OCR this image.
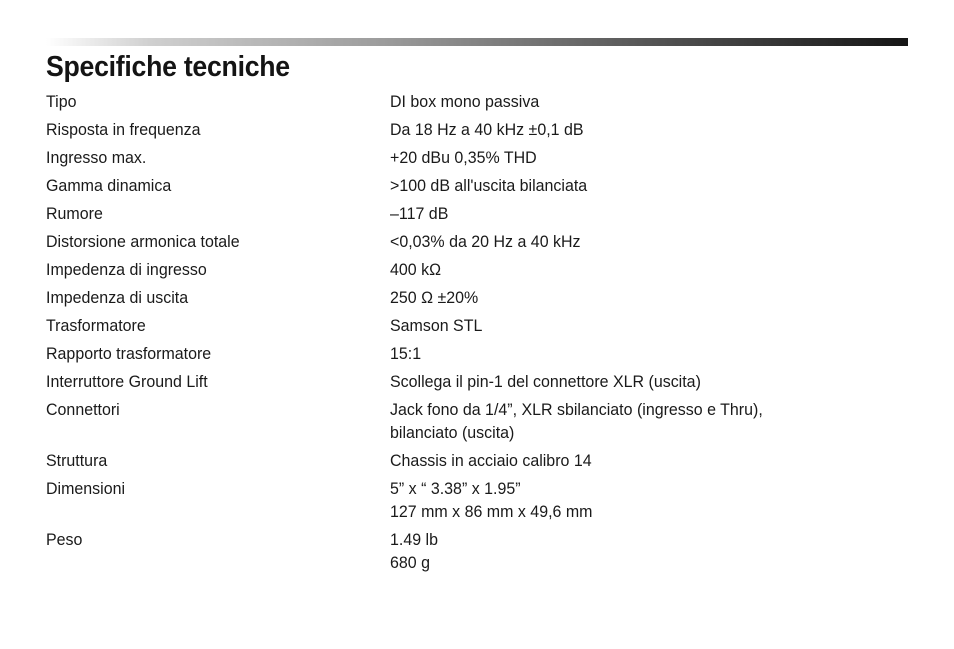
Specifiche tecniche
Tipo	DI box mono passiva
Risposta in frequenza	Da 18 Hz a 40 kHz ±0,1 dB
Ingresso max.	+20 dBu 0,35% THD
Gamma dinamica	>100 dB all'uscita bilanciata
Rumore	–117 dB
Distorsione armonica totale	<0,03% da 20 Hz a 40 kHz
Impedenza di ingresso	400 kΩ
Impedenza di uscita	250 Ω ±20%
Trasformatore	Samson STL
Rapporto trasformatore	15:1
Interruttore Ground Lift	Scollega il pin-1 del connettore XLR (uscita)
Connettori	Jack fono da 1/4”, XLR sbilanciato (ingresso e Thru),
bilanciato (uscita)
Struttura	Chassis in acciaio calibro 14
Dimensioni	5” x “ 3.38” x 1.95”
127 mm x 86 mm x 49,6 mm
Peso	1.49 lb
680 g
